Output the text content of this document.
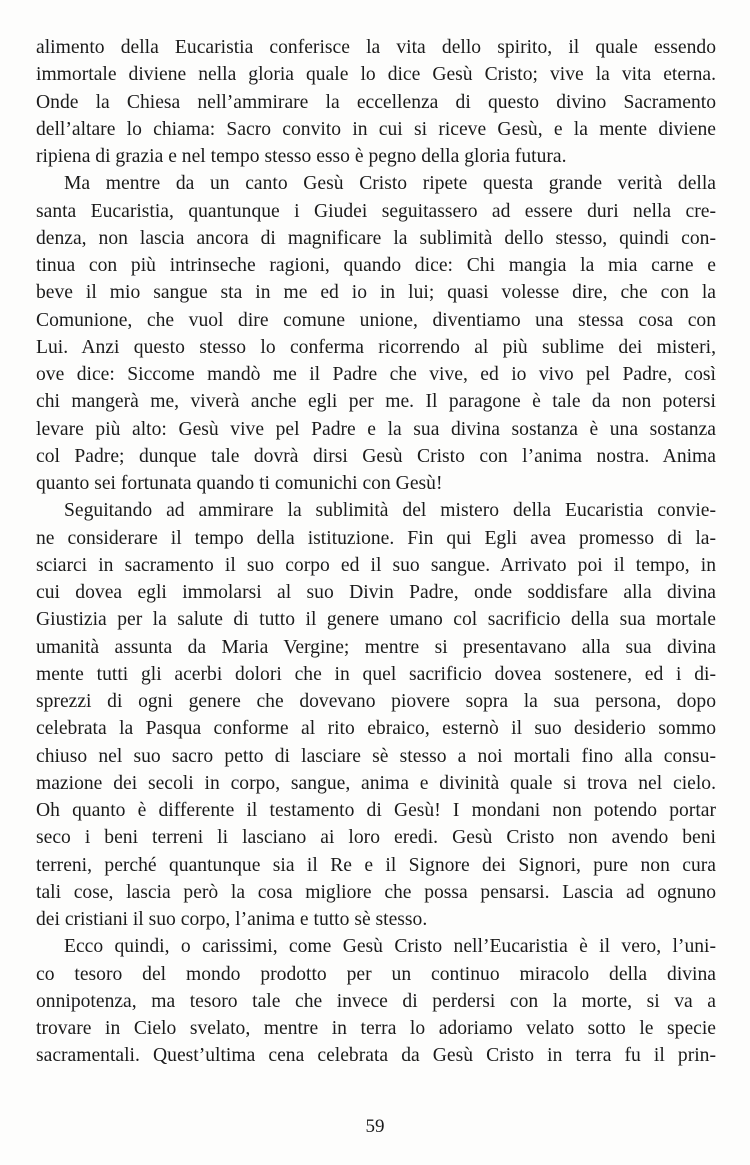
alimento della Eucaristia conferisce la vita dello spirito, il quale essendo
immortale diviene nella gloria quale lo dice Gesù Cristo; vive la vita eterna.
Onde la Chiesa nell’ammirare la eccellenza di questo divino Sacramento
dell’altare lo chiama: Sacro convito in cui si riceve Gesù, e la mente diviene
ripiena di grazia e nel tempo stesso esso è pegno della gloria futura.
Ma mentre da un canto Gesù Cristo ripete questa grande verità della
santa Eucaristia, quantunque i Giudei seguitassero ad essere duri nella cre-
denza, non lascia ancora di magnificare la sublimità dello stesso, quindi con-
tinua con più intrinseche ragioni, quando dice: Chi mangia la mia carne e
beve il mio sangue sta in me ed io in lui; quasi volesse dire, che con la
Comunione, che vuol dire comune unione, diventiamo una stessa cosa con
Lui. Anzi questo stesso lo conferma ricorrendo al più sublime dei misteri,
ove dice: Siccome mandò me il Padre che vive, ed io vivo pel Padre, così
chi mangerà me, viverà anche egli per me. Il paragone è tale da non potersi
levare più alto: Gesù vive pel Padre e la sua divina sostanza è una sostanza
col Padre; dunque tale dovrà dirsi Gesù Cristo con l’anima nostra. Anima
quanto sei fortunata quando ti comunichi con Gesù!
Seguitando ad ammirare la sublimità del mistero della Eucaristia convie-
ne considerare il tempo della istituzione. Fin qui Egli avea promesso di la-
sciarci in sacramento il suo corpo ed il suo sangue. Arrivato poi il tempo, in
cui dovea egli immolarsi al suo Divin Padre, onde soddisfare alla divina
Giustizia per la salute di tutto il genere umano col sacrificio della sua mortale
umanità assunta da Maria Vergine; mentre si presentavano alla sua divina
mente tutti gli acerbi dolori che in quel sacrificio dovea sostenere, ed i di-
sprezzi di ogni genere che dovevano piovere sopra la sua persona, dopo
celebrata la Pasqua conforme al rito ebraico, esternò il suo desiderio sommo
chiuso nel suo sacro petto di lasciare sè stesso a noi mortali fino alla consu-
mazione dei secoli in corpo, sangue, anima e divinità quale si trova nel cielo.
Oh quanto è differente il testamento di Gesù! I mondani non potendo portar
seco i beni terreni li lasciano ai loro eredi. Gesù Cristo non avendo beni
terreni, perché quantunque sia il Re e il Signore dei Signori, pure non cura
tali cose, lascia però la cosa migliore che possa pensarsi. Lascia ad ognuno
dei cristiani il suo corpo, l’anima e tutto sè stesso.
Ecco quindi, o carissimi, come Gesù Cristo nell’Eucaristia è il vero, l’uni-
co tesoro del mondo prodotto per un continuo miracolo della divina
onnipotenza, ma tesoro tale che invece di perdersi con la morte, si va a
trovare in Cielo svelato, mentre in terra lo adoriamo velato sotto le specie
sacramentali. Quest’ultima cena celebrata da Gesù Cristo in terra fu il prin-
59
